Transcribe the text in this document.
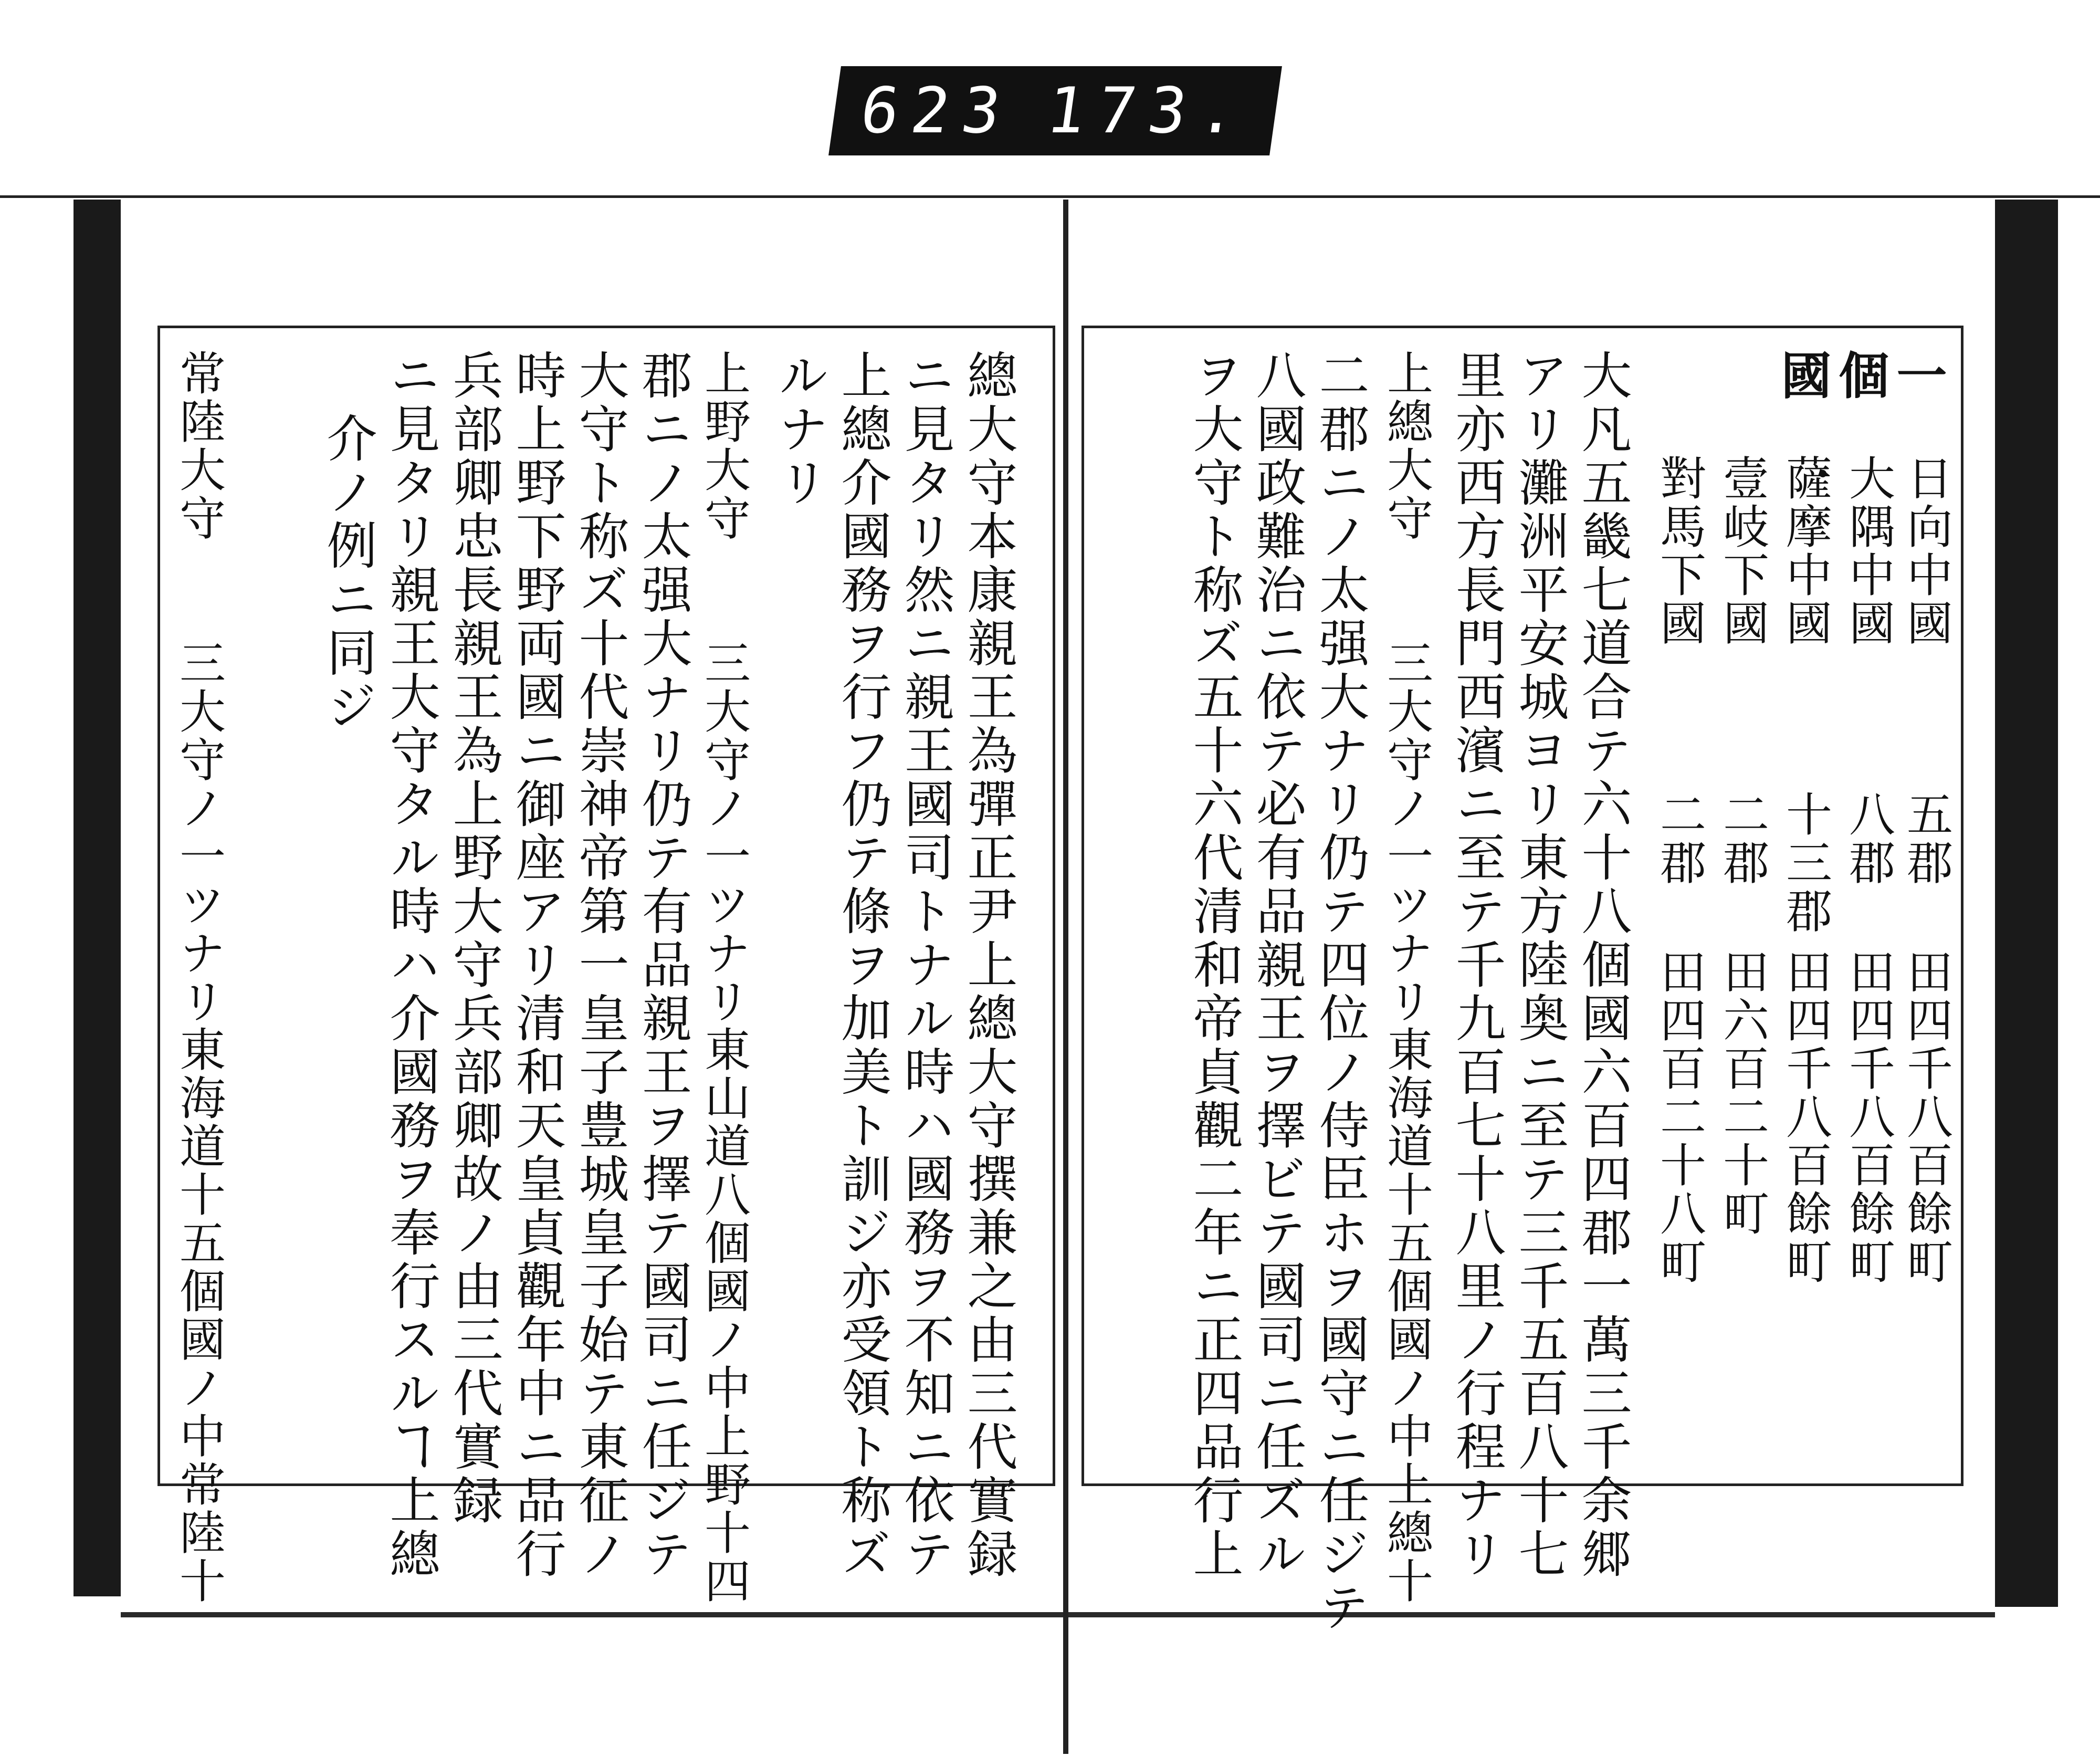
623 173.
總大守本康親王為彈正尹上總大守撰兼之由三代實録
ニ見タリ然ニ親王國司トナル時ハ國務ヲ不知ニ依テ
上總介國務ヲ行フ仍テ條ヲ加美ト訓ジ亦受領ト称ズ
ルナリ
上野大守　　三大守ノ一ツナリ東山道八個國ノ中上野十四
郡ニノ太强大ナリ仍テ有品親王ヲ擇テ國司ニ任ジテ
大守ト称ズ十代崇神帝第一皇子豊城皇子始テ東征ノ
時上野下野両國ニ御座アリ清和天皇貞觀年中ニ品行
兵部卿忠長親王為上野大守兵部卿故ノ由三代實録
ニ見タリ親王大守タル時ハ介國務ヲ奉行スルヿ上總
介ノ例ニ同ジ
常陸大守　　三大守ノ一ツナリ東海道十五個國ノ中常陸十	一
個
國
日向中國
五郡
田四千八百餘町
大隅中國
八郡
田四千八百餘町
薩摩中國
十三郡
田四千八百餘町
壹岐下國
二郡
田六百二十町
對馬下國
二郡
田四百二十八町
大凡五畿七道合テ六十八個國六百四郡一萬三千余郷
アリ灘洲平安城ヨリ東方陸奥ニ至テ三千五百八十七
里亦西方長門西濱ニ至テ千九百七十八里ノ行程ナリ
上總大守　　三大守ノ一ツナリ東海道十五個國ノ中上總十
二郡ニノ太强大ナリ仍テ四位ノ侍臣ホヲ國守ニ任ジテ
八國政難治ニ依テ必有品親王ヲ擇ビテ國司ニ任ズル
ヲ大守ト称ズ五十六代清和帝貞觀二年ニ正四品行上
